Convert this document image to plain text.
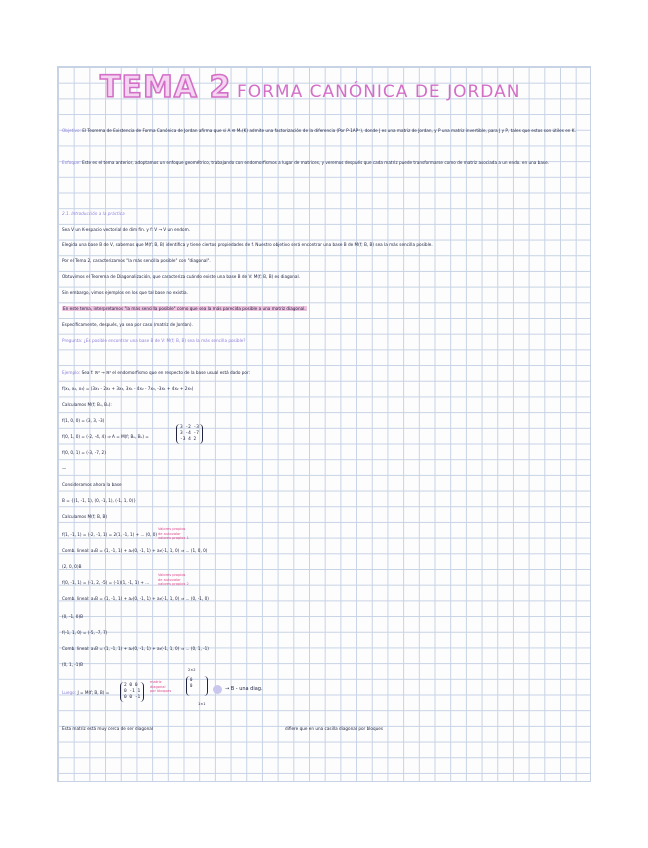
TEMA 2 FORMA CANÓNICA DE JORDAN
Objetivo: El Teorema de Existencia de Forma Canónica de Jordan afirma que si A ∈ Mₙ(K) admite una factorización de la diferencia (Por P-1AP⁼), donde J es una matriz de Jordan, y P una matriz invertible, para J y P, tales que estos son útiles en K.
Enfoque: Este es el tema anterior, adoptamos un enfoque geométrico, trabajando con endomorfismos a lugar de matrices, y veremos después que cada matriz puede transformarse como de matriz asociada a un endo. en una base.
2.1. Introducción a la práctica
Sea V un K-espacio vectorial de dim fin. y f: V → V un endom.
Elegida una base B de V, sabemos que M(f; B, B) identifica y tiene ciertos propiedades de f. Nuestro objetivo será encontrar una base B de M(f; B, B) sea la más sencilla posible.
Por el Tema 2, caracterizamos "la más sencilla posible" con "diagonal".
Obtuvimos el Teorema de Diagonalización, que caracteriza cuándo existe una base B de V: M(f; B, B) es diagonal.
Sin embargo, vimos ejemplos en los que tal base no existía.
En este tema, interpretamos "la más sencilla posible" como que sea la más parecida posible a una matriz diagonal.
Específicamente, después, ya sea por caso (matriz de Jordan).
Pregunta: ¿Es posible encontrar una base B de V: M(f; B, B) sea la más sencilla posible?
Ejemplo: Sea f: ℝ³ → ℝ³ el endomorfismo que en respecto de la base usual está dado por:
f(x₁, x₂, x₃) = (3x₁ - 2x₂ + 3x₃, 3x₁ - 4x₂ - 7x₃, -3x₁ + 4x₂ + 2x₃)
Calculamos M(f; Bᵤ, Bᵤ):
f(1, 0, 0) = (3, 3, -3)
f(0, 1, 0) = (-2, -4, 4) ⇒ A = M(f; Bᵤ, Bᵤ) =
f(0, 0, 1) = (-3, -7, 2)
3 -2 -3
3 -4 -7
-3 4 2
—
Consideramos ahora la base
B = {(1, -1, 1), (0, -1, 1), (-1, 1, 0)}
Calculamos M(f; B, B)
f(1, -1, 1) = (-2, -1, 1) = 2(1, -1, 1) + ... (0, 0)
Valores propios
de autovalor
valores propios 1
Comb. lineal: a₁B = (1, -1, 1) + a₂(0, -1, 1) + a₃(-1, 1, 0) ⇒ ... (1, 0, 0)
(2, 0, 0)B
f(0, -1, 1) = (-1, 2, -5) = (-1)(1, -1, 1) + ...
Valores propios
de autovalor
valores propios 2
Comb. lineal: a₁B = (1, -1, 1) + a₂(0, -1, 1) + a₃(-1, 1, 0) ⇒ ... (0, -1, 0)
(0, -1, 0)B
f(-1, 1, 0) = (-5, -7, 7)
Comb. lineal: a₁B = (1, -1, 1) + a₂(0, -1, 1) + a₃(-1, 1, 0) ⇒ ... (0, 1, -1)
(0, 1, -1)B
Luego: J = M(f; B, B) =
2 0 0
0 -1 1
0 0 -1
matriz
diagonal
por bloques
2×2
0
0
1×1
→ B - una diag.
Esta matriz está muy cerca de ser diagonal	difiere que en una casilla diagonal por bloques
